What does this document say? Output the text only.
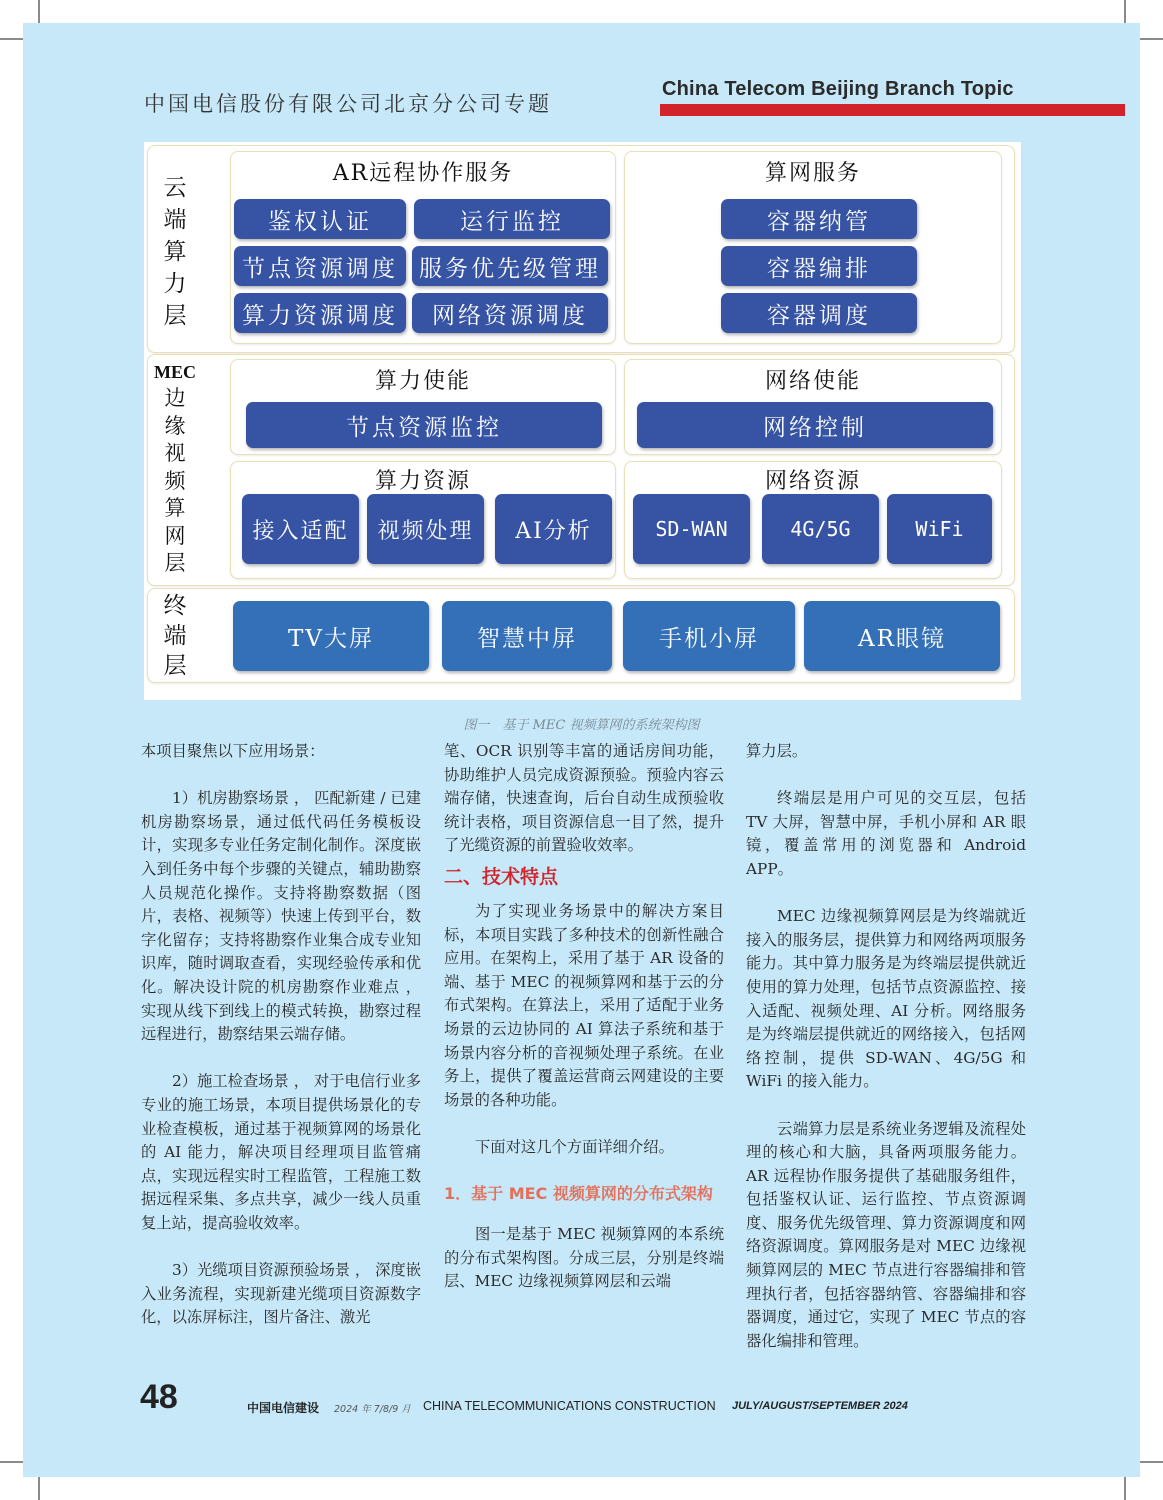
中国电信股份有限公司北京分公司专题
China Telecom Beijing Branch Topic
云端算力层
AR远程协作服务
鉴权认证	运行监控
节点资源调度 服务优先级管理
算力资源调度	网络资源调度
算网服务
容器纳管
容器编排
容器调度
MEC
边缘视频算网层
算力使能
节点资源监控
网络使能
网络控制
算力资源
接入适配	视频处理	AI分析
网络资源
SD-WAN	4G/5G	WiFi
终端层
TV大屏	智慧中屏	手机小屏	AR眼镜
图一　基于 MEC 视频算网的系统架构图

本项目聚焦以下应用场景：

1）机房勘察场景 ， 匹配新建 / 已建机房勘察场景，通过低代码任务模板设计，实现多专业任务定制化制作。深度嵌入到任务中每个步骤的关键点，辅助勘察人员规范化操作。支持将勘察数据（图片，表格、视频等）快速上传到平台，数字化留存；支持将勘察作业集合成专业知识库，随时调取查看，实现经验传承和优化。解决设计院的机房勘察作业难点 ， 实现从线下到线上的模式转换，勘察过程远程进行，勘察结果云端存储。

2）施工检查场景 ， 对于电信行业多专业的施工场景，本项目提供场景化的专业检查模板，通过基于视频算网的场景化的 AI 能力，解决项目经理项目监管痛点，实现远程实时工程监管，工程施工数据远程采集、多点共享，减少一线人员重复上站，提高验收效率。

3）光缆项目资源预验场景 ， 深度嵌入业务流程，实现新建光缆项目资源数字化，以冻屏标注，图片备注、激光

笔、OCR 识别等丰富的通话房间功能，协助维护人员完成资源预验。预验内容云端存储，快速查询，后台自动生成预验收统计表格，项目资源信息一目了然，提升了光缆资源的前置验收效率。

二、技术特点

为了实现业务场景中的解决方案目标，本项目实践了多种技术的创新性融合应用。在架构上，采用了基于 AR 设备的端、基于 MEC 的视频算网和基于云的分布式架构。在算法上，采用了适配于业务场景的云边协同的 AI 算法子系统和基于场景内容分析的音视频处理子系统。在业务上，提供了覆盖运营商云网建设的主要场景的各种功能。

下面对这几个方面详细介绍。

1．基于 MEC 视频算网的分布式架构

图一是基于 MEC 视频算网的本系统的分布式架构图。分成三层，分别是终端层、MEC 边缘视频算网层和云端

算力层。

终端层是用户可见的交互层，包括 TV 大屏，智慧中屏，手机小屏和 AR 眼镜，覆盖常用的浏览器和 Android APP。

MEC 边缘视频算网层是为终端就近接入的服务层，提供算力和网络两项服务能力。其中算力服务是为终端层提供就近使用的算力处理，包括节点资源监控、接入适配、视频处理、AI 分析。网络服务是为终端层提供就近的网络接入，包括网络控制，提供 SD-WAN、4G/5G 和 WiFi 的接入能力。

云端算力层是系统业务逻辑及流程处理的核心和大脑，具备两项服务能力。AR 远程协作服务提供了基础服务组件，包括鉴权认证、运行监控、节点资源调度、服务优先级管理、算力资源调度和网络资源调度。算网服务是对 MEC 边缘视频算网层的 MEC 节点进行容器编排和管理执行者，包括容器纳管、容器编排和容器调度，通过它，实现了 MEC 节点的容器化编排和管理。

48	中国电信建设 2024 年 7/8/9 月 CHINA TELECOMMUNICATIONS CONSTRUCTION JULY/AUGUST/SEPTEMBER 2024
